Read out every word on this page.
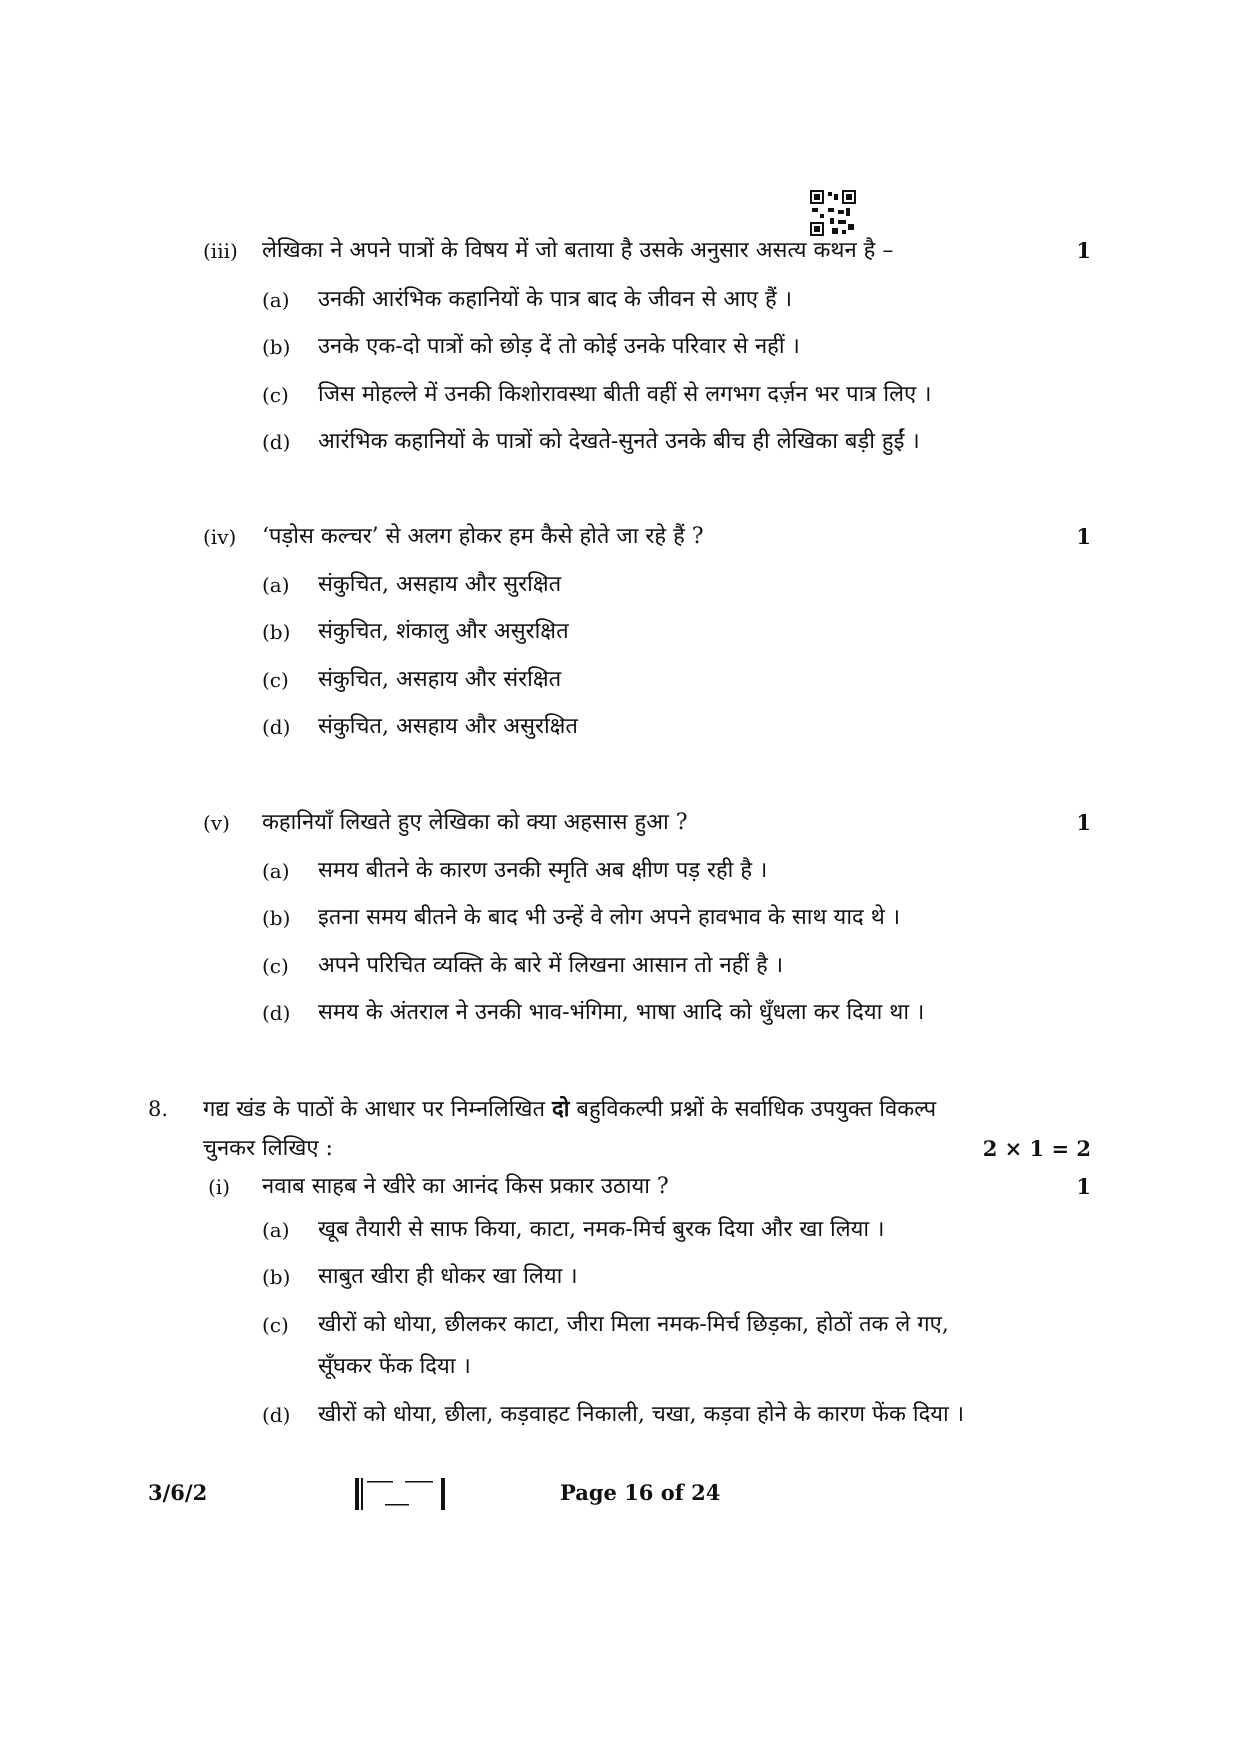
(iii) लेखिका ने अपने पात्रों के विषय में जो बताया है उसके अनुसार असत्य कथन है –	1
(a) उनकी आरंभिक कहानियों के पात्र बाद के जीवन से आए हैं ।
(b) उनके एक-दो पात्रों को छोड़ दें तो कोई उनके परिवार से नहीं ।
(c) जिस मोहल्ले में उनकी किशोरावस्था बीती वहीं से लगभग दर्ज़न भर पात्र लिए ।
(d) आरंभिक कहानियों के पात्रों को देखते-सुनते उनके बीच ही लेखिका बड़ी हुईं ।
(iv) ‘पड़ोस कल्चर’ से अलग होकर हम कैसे होते जा रहे हैं ?	1
(a) संकुचित, असहाय और सुरक्षित
(b) संकुचित, शंकालु और असुरक्षित
(c) संकुचित, असहाय और संरक्षित
(d) संकुचित, असहाय और असुरक्षित
(v) कहानियाँ लिखते हुए लेखिका को क्या अहसास हुआ ?	1
(a) समय बीतने के कारण उनकी स्मृति अब क्षीण पड़ रही है ।
(b) इतना समय बीतने के बाद भी उन्हें वे लोग अपने हावभाव के साथ याद थे ।
(c) अपने परिचित व्यक्ति के बारे में लिखना आसान तो नहीं है ।
(d) समय के अंतराल ने उनकी भाव-भंगिमा, भाषा आदि को धुँधला कर दिया था ।
8. गद्य खंड के पाठों के आधार पर निम्नलिखित दो बहुविकल्पी प्रश्नों के सर्वाधिक उपयुक्त विकल्प
चुनकर लिखिए :	2 × 1 = 2
(i) नवाब साहब ने खीरे का आनंद किस प्रकार उठाया ?	1
(a) खूब तैयारी से साफ किया, काटा, नमक-मिर्च बुरक दिया और खा लिया ।
(b) साबुत खीरा ही धोकर खा लिया ।
(c) खीरों को धोया, छीलकर काटा, जीरा मिला नमक-मिर्च छिड़का, होठों तक ले गए,
सूँघकर फेंक दिया ।
(d) खीरों को धोया, छीला, कड़वाहट निकाली, चखा, कड़वा होने के कारण फेंक दिया ।
3/6/2	Page 16 of 24
